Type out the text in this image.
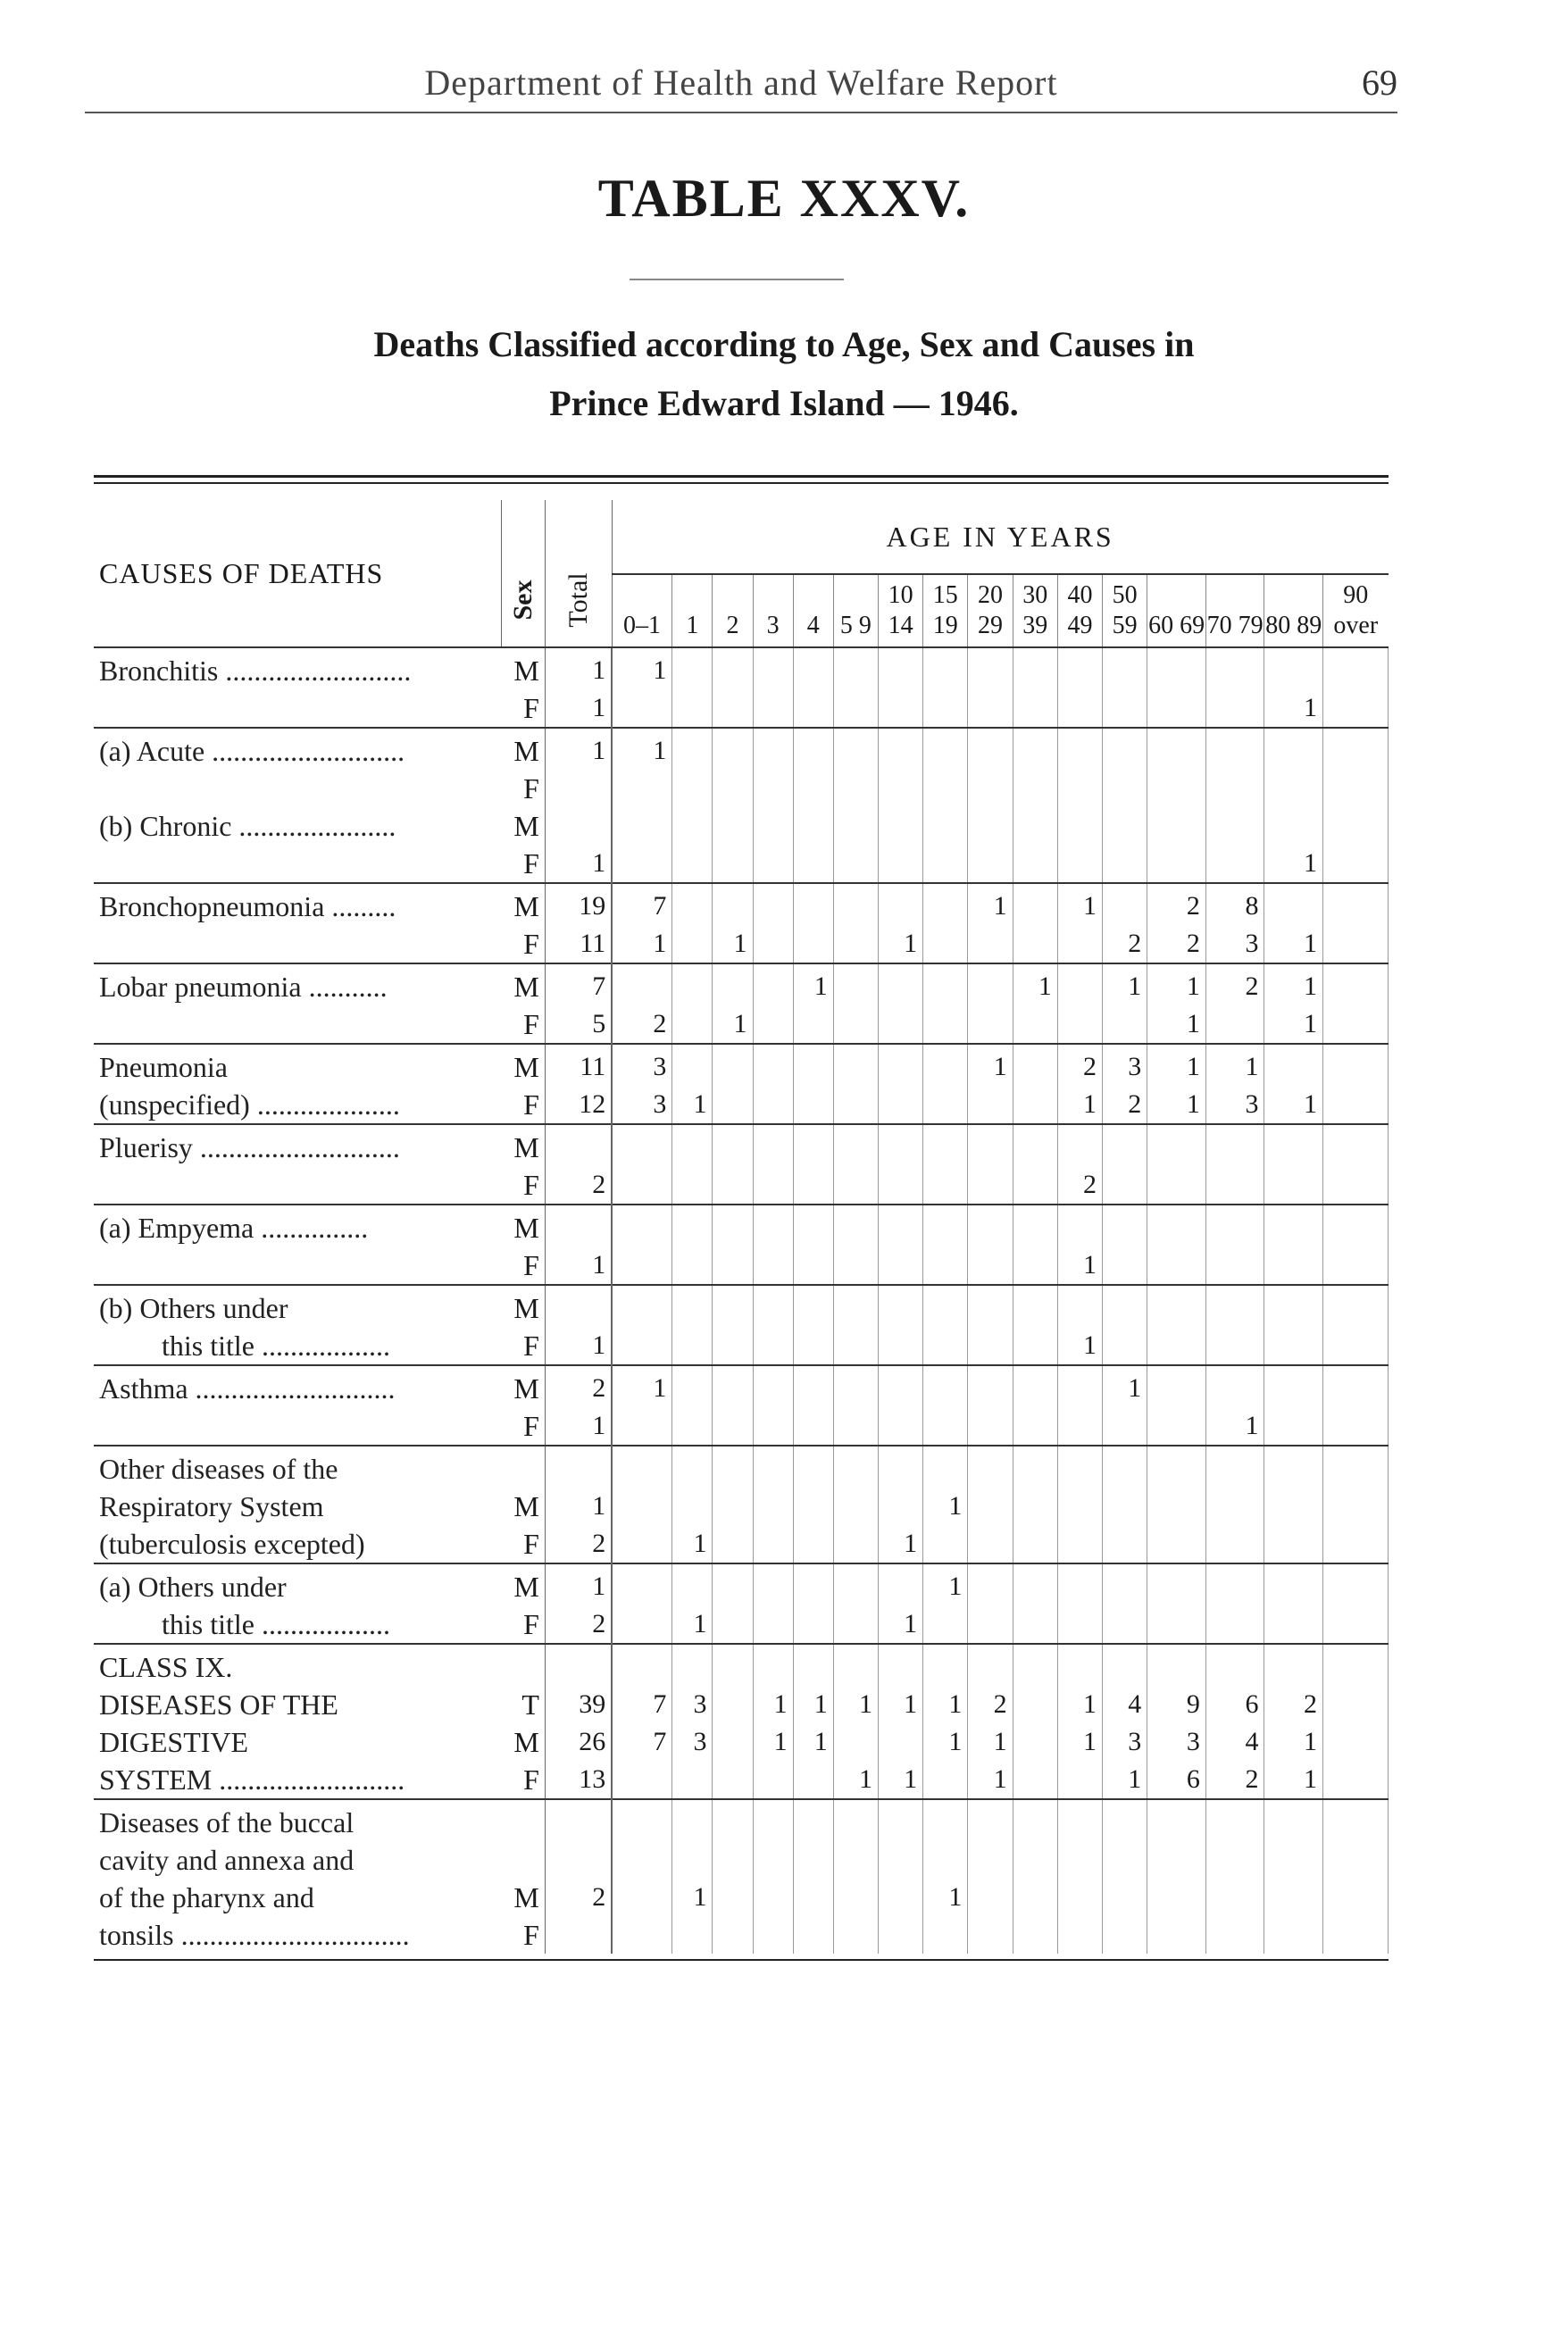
Department of Health and Welfare Report	69
TABLE XXXV.
Deaths Classified according to Age, Sex and Causes in
Prince Edward Island — 1946.
CAUSES OF DEATHS	Sex	Total	AGE IN YEARS															
			0–1	1	2	3	4	5 9	10 14	15 19	20 29	30 39	40 49	50 59	60 69	70 79	80 89	90 over
Bronchitis ..........................	M	1	1															
	F	1															1	
(a) Acute ...........................	M	1	1															
	F																	
(b) Chronic ......................	M																	
	F	1															1	
Bronchopneumonia .........	M	19	7								1		1		2	8		
	F	11	1		1				1					2	2	3	1	
Lobar pneumonia ...........	M	7					1					1		1	1	2	1	
	F	5	2		1										1		1	
Pneumonia	M	11	3								1		2	3	1	1		
(unspecified) ....................	F	12	3	1									1	2	1	3	1	
Pluerisy ............................	M																	
	F	2											2					
(a) Empyema ...............	M																	
	F	1											1					
(b) Others under	M																	
this title ..................	F	1											1					
Asthma ............................	M	2	1											1				
	F	1														1		
Other diseases of the																		
Respiratory System	M	1								1								
(tuberculosis excepted)	F	2		1					1									
(a) Others under	M	1								1								
this title ..................	F	2		1					1									
CLASS IX.																		
DISEASES OF THE	T	39	7	3		1	1	1	1	1	2		1	4	9	6	2	
DIGESTIVE	M	26	7	3		1	1			1	1		1	3	3	4	1	
SYSTEM ..........................	F	13						1	1		1			1	6	2	1	
Diseases of the buccal																		
cavity and annexa and																		
of the pharynx and	M	2		1						1								
tonsils ................................	F																	
